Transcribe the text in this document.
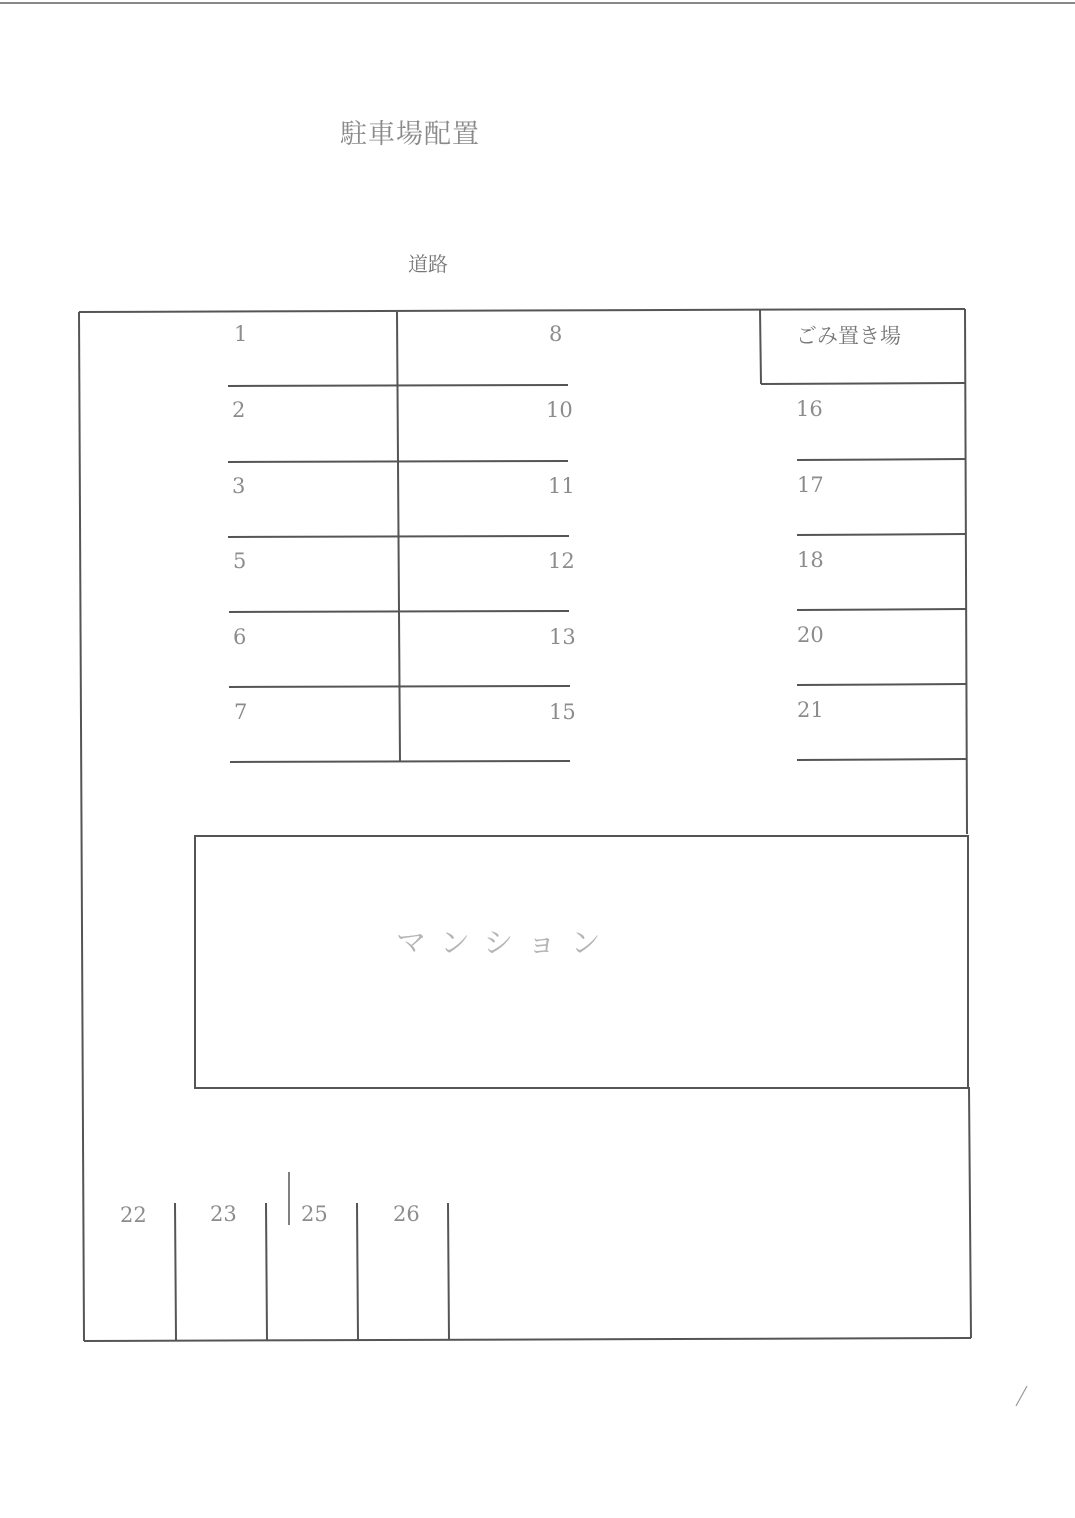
駐車場配置
道路
ごみ置き場
マンション
1
2
3
5
6
7
8
10
11
12
13
15
16
17
18
20
21
22	23	25	26
